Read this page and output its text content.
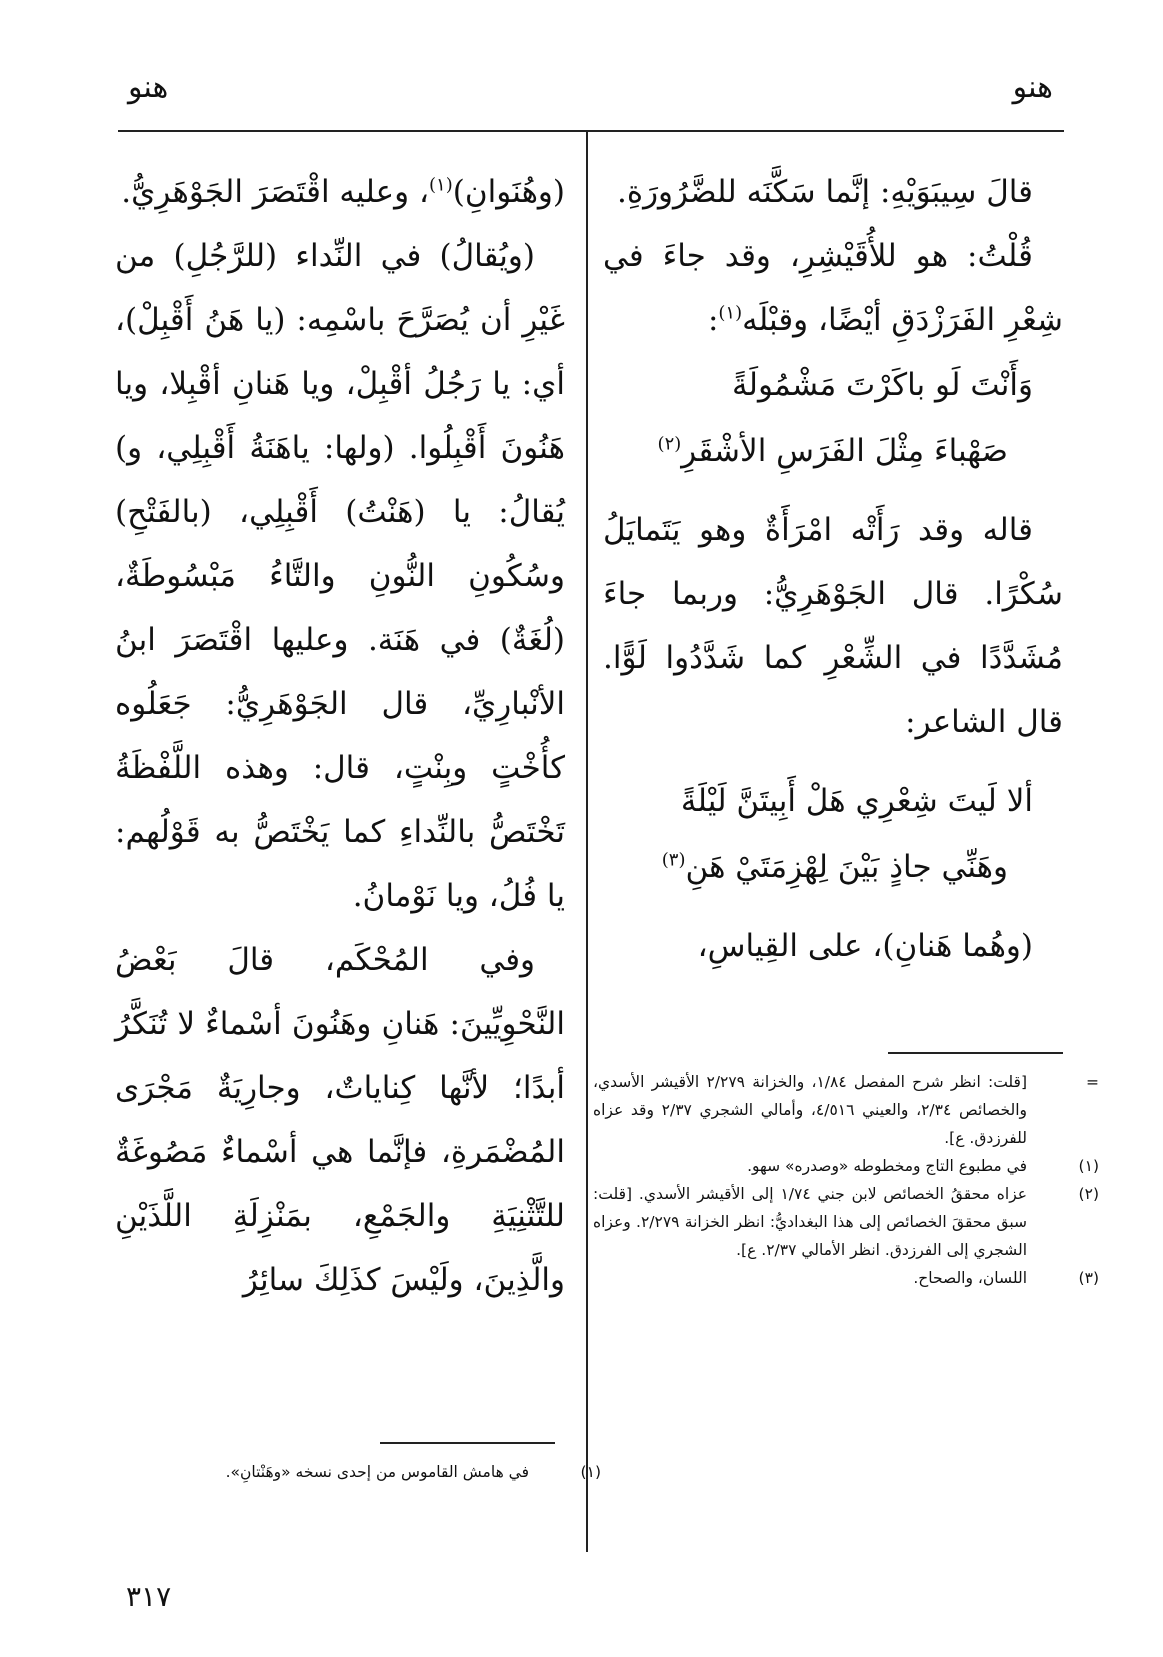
هنو
هنو

قالَ سِيبَوَيْهِ: إنَّما سَكَّنَه للضَّرُورَةِ.

قُلْتُ: هو للأُقَيْشِرِ، وقد جاءَ في شِعْرِ الفَرَزْدَقِ أيْضًا، وقبْلَه$^{(١)}$:

وَأَنْتَ لَو باكَرْتَ مَشْمُولَةً

صَهْباءَ مِثْلَ الفَرَسِ الأشْقَرِ$^{(٢)}$

قاله وقد رَأَتْه امْرَأَةٌ وهو يَتَمايَلُ سُكْرًا. قال الجَوْهَرِيُّ: وربما جاءَ مُشَدَّدًا في الشِّعْرِ كما شَدَّدُوا لَوًّا. قال الشاعر:

ألا لَيتَ شِعْرِي هَلْ أَبِيتَنَّ لَيْلَةً

وهَنِّي جاذٍ بَيْنَ لِهْزِمَتَيْ هَنِ$^{(٣)}$

(وهُما هَنانِ)، على القِياسِ،

=[قلت: انظر شرح المفصل ١/٨٤، والخزانة ٢/٢٧٩ الأقيشر الأسدي، والخصائص ٢/٣٤، والعيني ٤/٥١٦، وأمالي الشجري ٢/٣٧ وقد عزاه للفرزدق. ع].

(١)في مطبوع التاج ومخطوطه «وصدره» سهو.

(٢)عزاه محققُ الخصائص لابن جني ١/٧٤ إلى الأقيشر الأسدي. [قلت: سبق محققَ الخصائص إلى هذا البغداديُّ: انظر الخزانة ٢/٢٧٩. وعزاه الشجري إلى الفرزدق. انظر الأمالي ٢/٣٧. ع].

(٣)اللسان، والصحاح.

(وهُنَوانِ)$^{(١)}$، وعليه اقْتَصَرَ الجَوْهَرِيُّ.

(ويُقالُ) في النِّداء (للرَّجُلِ) من غَيْرِ أن يُصَرَّحَ باسْمِه: (يا هَنُ أَقْبِلْ)، أي: يا رَجُلُ أقْبِلْ، ويا هَنانِ أقْبِلا، ويا هَنُونَ أَقْبِلُوا. (ولها: ياهَنَةُ أَقْبِلِي، و) يُقالُ: يا (هَنْتُ) أَقْبِلِي، (بالفَتْحِ) وسُكُونِ النُّونِ والتَّاءُ مَبْسُوطَةٌ، (لُغَةٌ) في هَنَة. وعليها اقْتَصَرَ ابنُ الأنْبارِيِّ، قال الجَوْهَرِيُّ: جَعَلُوه كأُخْتٍ وبِنْتٍ، قال: وهذه اللَّفْظَةُ تَخْتَصُّ بالنِّداءِ كما يَخْتَصُّ به قَوْلُهم: يا فُلُ، ويا نَوْمانُ.

وفي المُحْكَم، قالَ بَعْضُ النَّحْوِيِّينَ: هَنانِ وهَنُونَ أسْماءٌ لا تُنَكَّرُ أبدًا؛ لأنَّها كِناياتٌ، وجارِيَةٌ مَجْرَى المُضْمَرةِ، فإنَّما هي أسْماءٌ مَصُوغَةٌ للتَّثْنِيَةِ والجَمْعِ، بمَنْزِلَةِ اللَّذَيْنِ والَّذِينَ، ولَيْسَ كذَلِكَ سائِرُ

(١)في هامش القاموس من إحدى نسخه «وهَنْتانِ».

٣١٧
